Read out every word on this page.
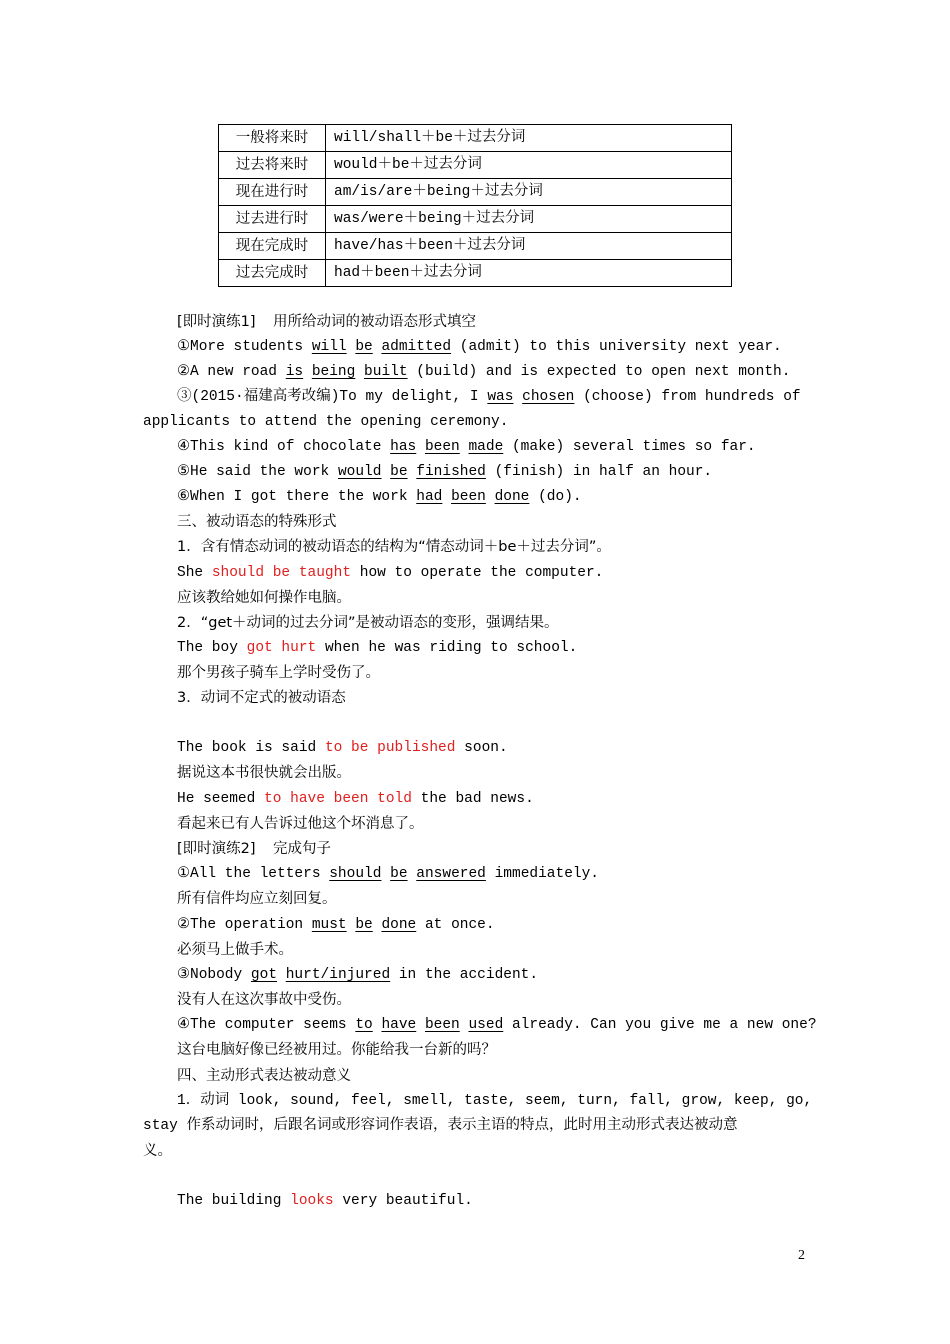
一般将来时	will/shall＋be＋过去分词
过去将来时	would＋be＋过去分词
现在进行时	am/is/are＋being＋过去分词
过去进行时	was/were＋being＋过去分词
现在完成时	have/has＋been＋过去分词
过去完成时	had＋been＋过去分词
[即时演练1] 用所给动词的被动语态形式填空
①More students will be admitted (admit) to this university next year.
②A new road is being built (build) and is expected to open next month.
③(2015·福建高考改编)To my delight, I was chosen (choose) from hundreds of
applicants to attend the opening ceremony.
④This kind of chocolate has been made (make) several times so far.
⑤He said the work would be finished (finish) in half an hour.
⑥When I got there the work had been done (do).
三、被动语态的特殊形式
1．含有情态动词的被动语态的结构为“情态动词＋be＋过去分词”。
She should be taught how to operate the computer.
应该教给她如何操作电脑。
2．“get＋动词的过去分词”是被动语态的变形，强调结果。
The boy got hurt when he was riding to school.
那个男孩子骑车上学时受伤了。
3．动词不定式的被动语态
The book is said to be published soon.
据说这本书很快就会出版。
He seemed to have been told the bad news.
看起来已有人告诉过他这个坏消息了。
[即时演练2] 完成句子
①All the letters should be answered immediately.
所有信件均应立刻回复。
②The operation must be done at once.
必须马上做手术。
③Nobody got hurt/injured in the accident.
没有人在这次事故中受伤。
④The computer seems to have been used already. Can you give me a new one?
这台电脑好像已经被用过。你能给我一台新的吗？
四、主动形式表达被动意义
1．动词 look, sound, feel, smell, taste, seem, turn, fall, grow, keep, go,
stay 作系动词时，后跟名词或形容词作表语，表示主语的特点，此时用主动形式表达被动意
义。
The building looks very beautiful.
2
